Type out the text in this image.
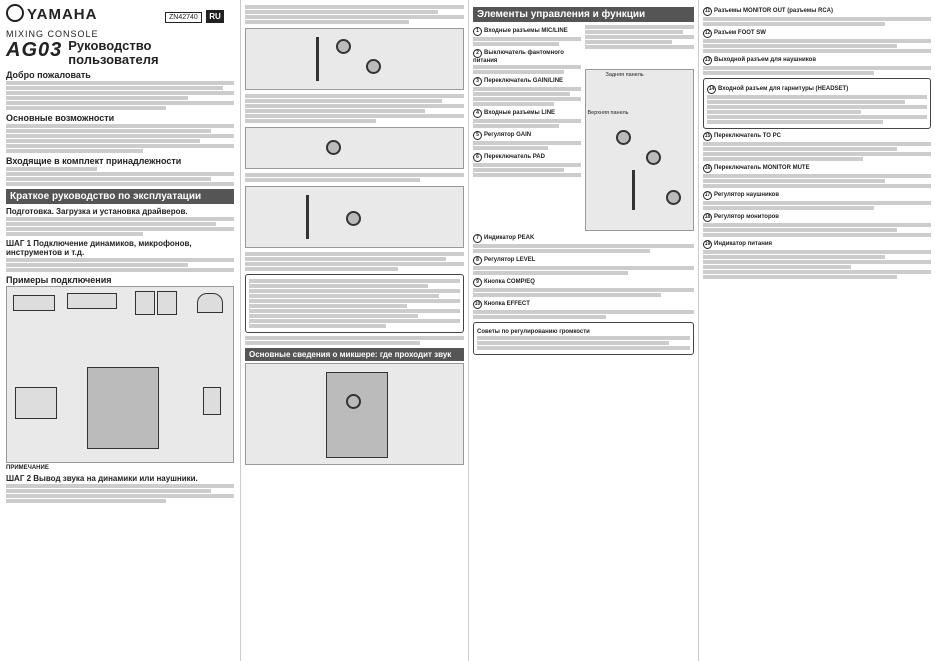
YAMAHA	ZN42740 RU
MIXING CONSOLE
AG03 Руководство
пользователя
Добро пожаловать
Основные возможности
Входящие в комплект принадлежности
Краткое руководство по эксплуатации
Подготовка. Загрузка и установка драйверов.
ШАГ 1 Подключение динамиков, микрофонов, инструментов и т.д.
Примеры подключения
ПРИМЕЧАНИЕ
ШАГ 2 Вывод звука на динамики или наушники.
Основные сведения о микшере: где проходит звук
Элементы управления и функции
1 Входные разъемы MIC/LINE
2 Выключатель фантомного питания
3 Переключатель GAIN/LINE
4 Входные разъемы LINE
5 Регулятор GAIN
6 Переключатель PAD
Задняя панель
Верхняя панель
7 Индикатор PEAK
8 Регулятор LEVEL
9 Кнопка COMP/EQ
10 Кнопка EFFECT
Советы по регулированию громкости
11 Разъемы MONITOR OUT (разъемы RCA)
12 Разъем FOOT SW
13 Выходной разъем для наушников
14 Входной разъем для гарнитуры (HEADSET)
15 Переключатель TO PC
16 Переключатель MONITOR MUTE
17 Регулятор наушников
18 Регулятор мониторов
19 Индикатор питания
